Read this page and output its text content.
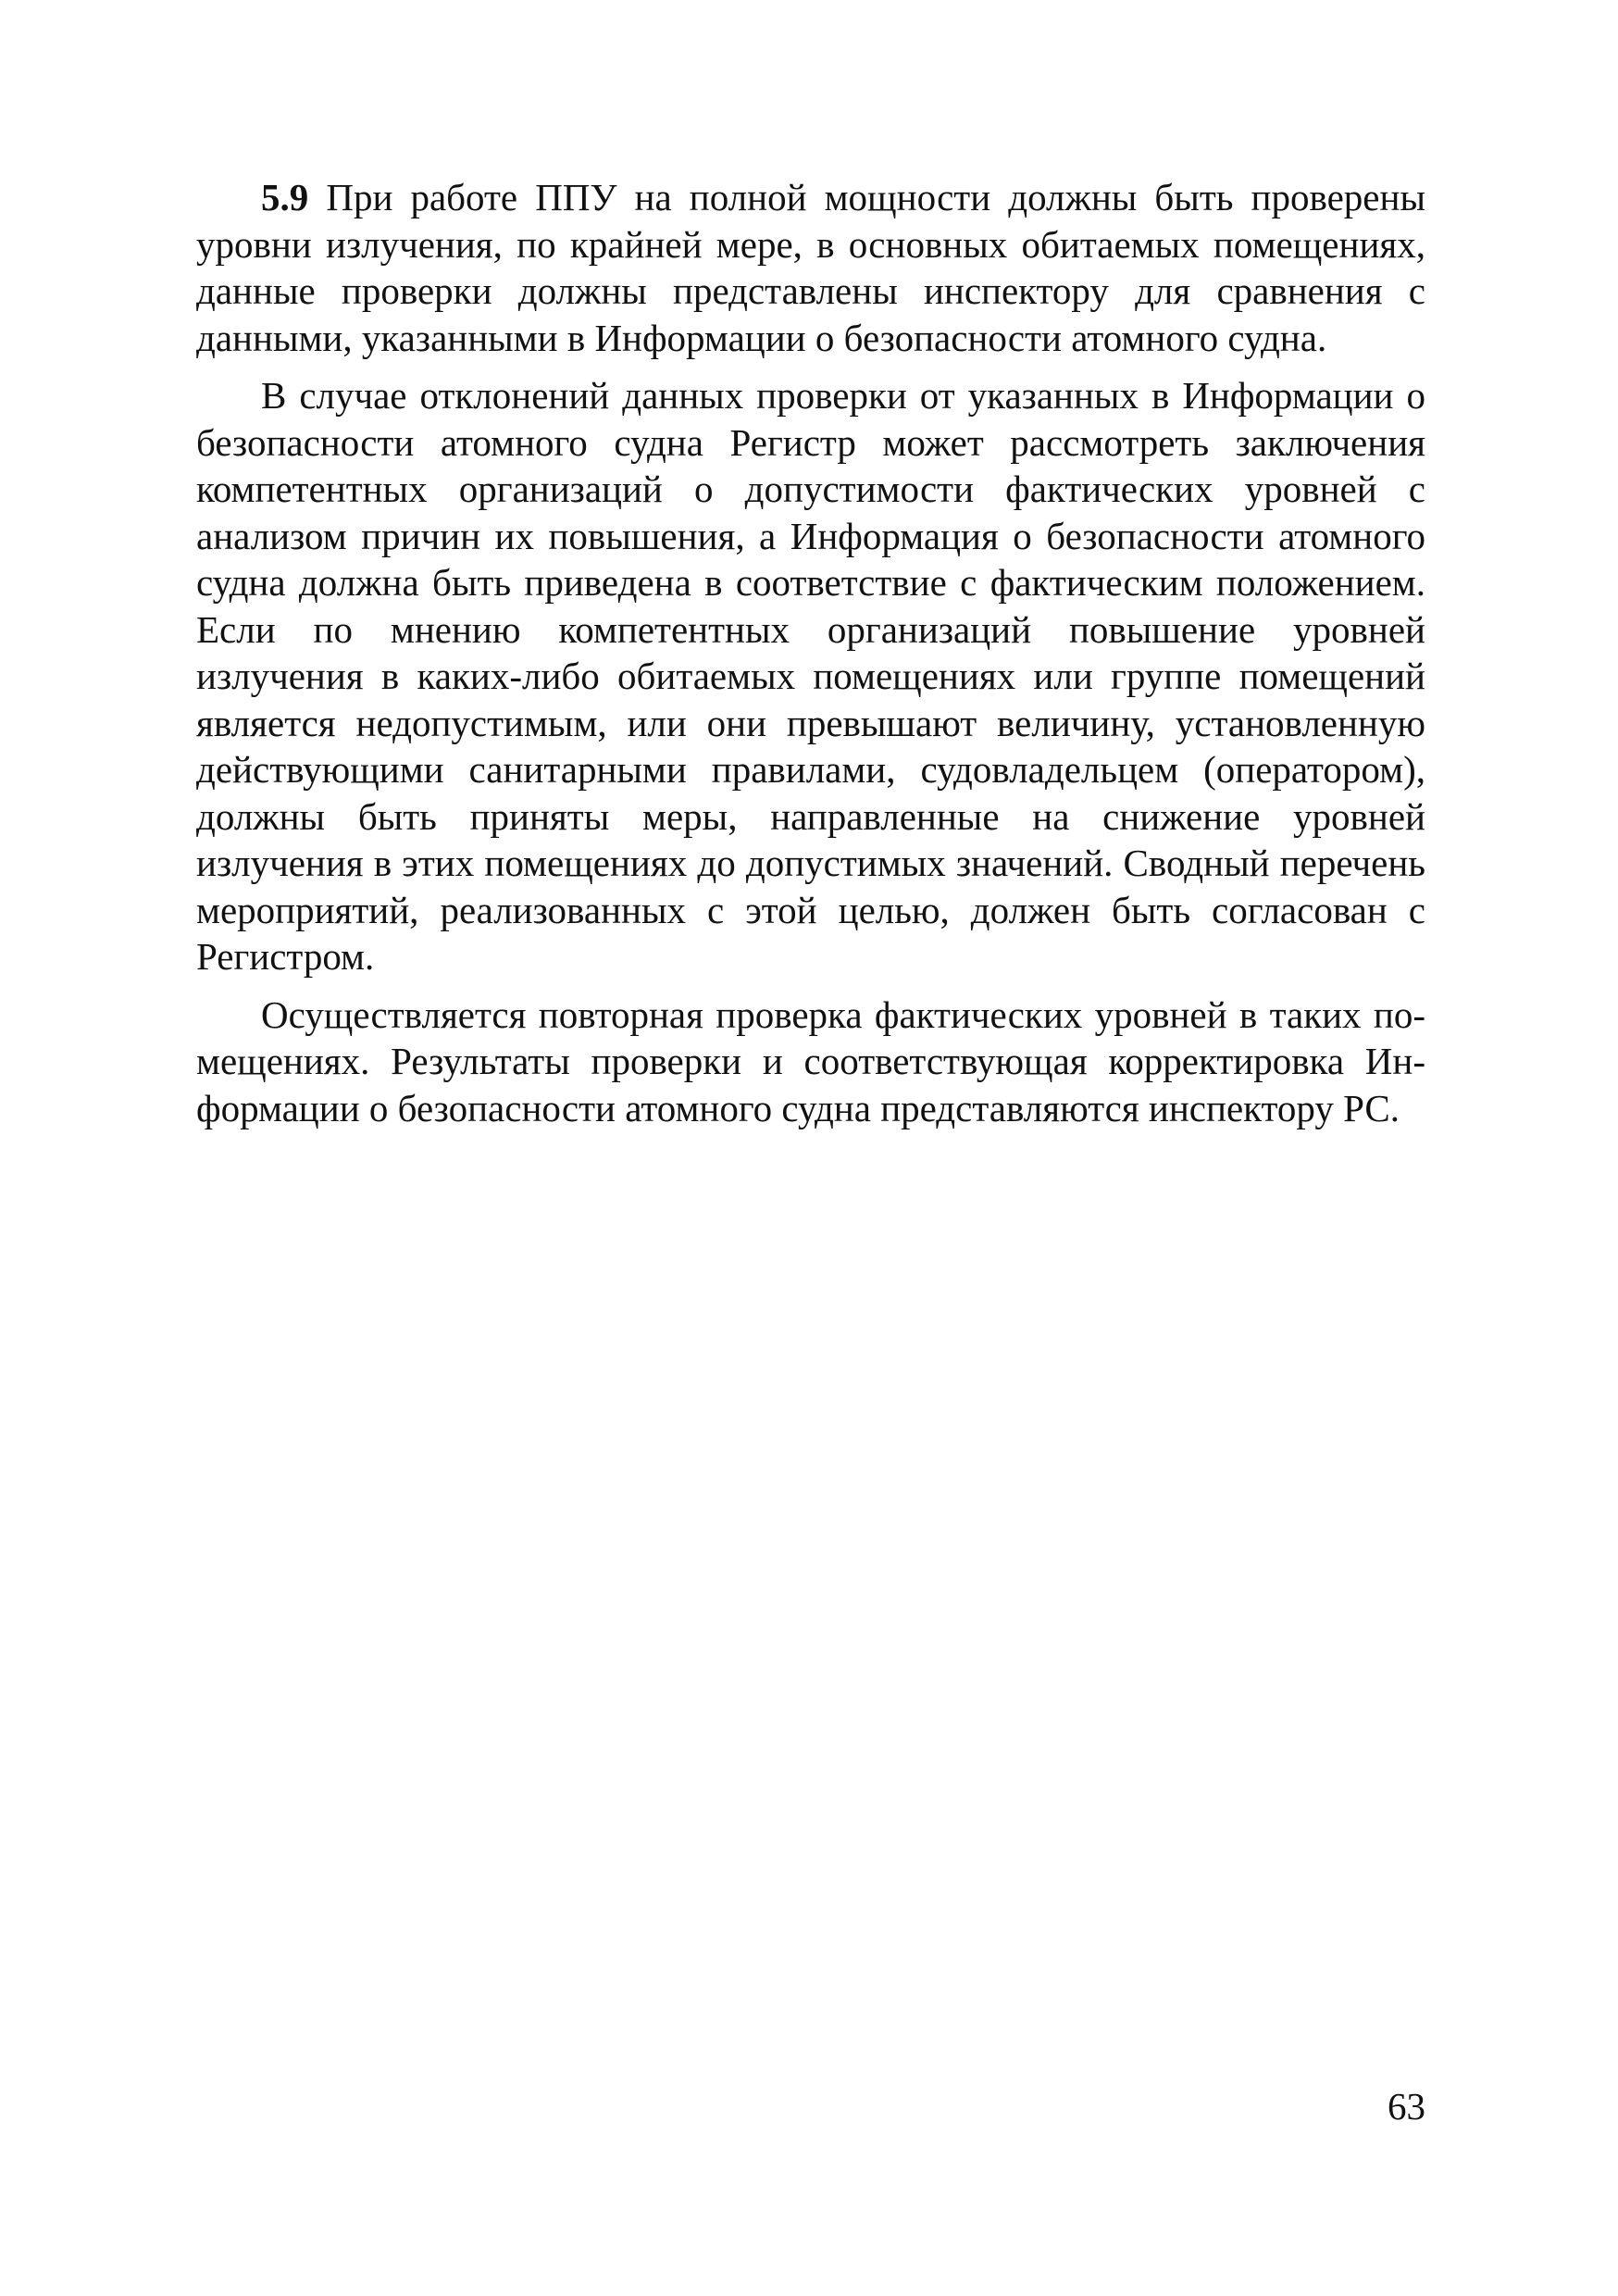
5.9 При работе ППУ на полной мощности должны быть проверены уровни излучения, по крайней мере, в основных обитаемых помещениях, данные проверки должны представлены инспектору для сравнения с данными, указанными в Информации о безопасности атомного судна.

В случае отклонений данных проверки от указанных в Информации о безопасности атомного судна Регистр может рассмотреть заключения компетентных организаций о допустимости фактических уровней с анализом причин их повышения, а Информация о безопасности атомного судна должна быть приведена в соответствие с фактическим положением. Если по мнению компетентных организаций повышение уровней излучения в каких-либо обитаемых помещениях или группе помещений является недопустимым, или они превышают величину, установленную действующими санитарными правилами, судовладельцем (оператором), должны быть приняты меры, направленные на снижение уровней излучения в этих помещениях до допустимых значений. Сводный перечень мероприятий, реализованных с этой целью, должен быть согласован с Регистром.

Осуществляется повторная проверка фактических уровней в таких помещениях. Результаты проверки и соответствующая корректировка Информации о безопасности атомного судна представляются инспектору РС.

63
